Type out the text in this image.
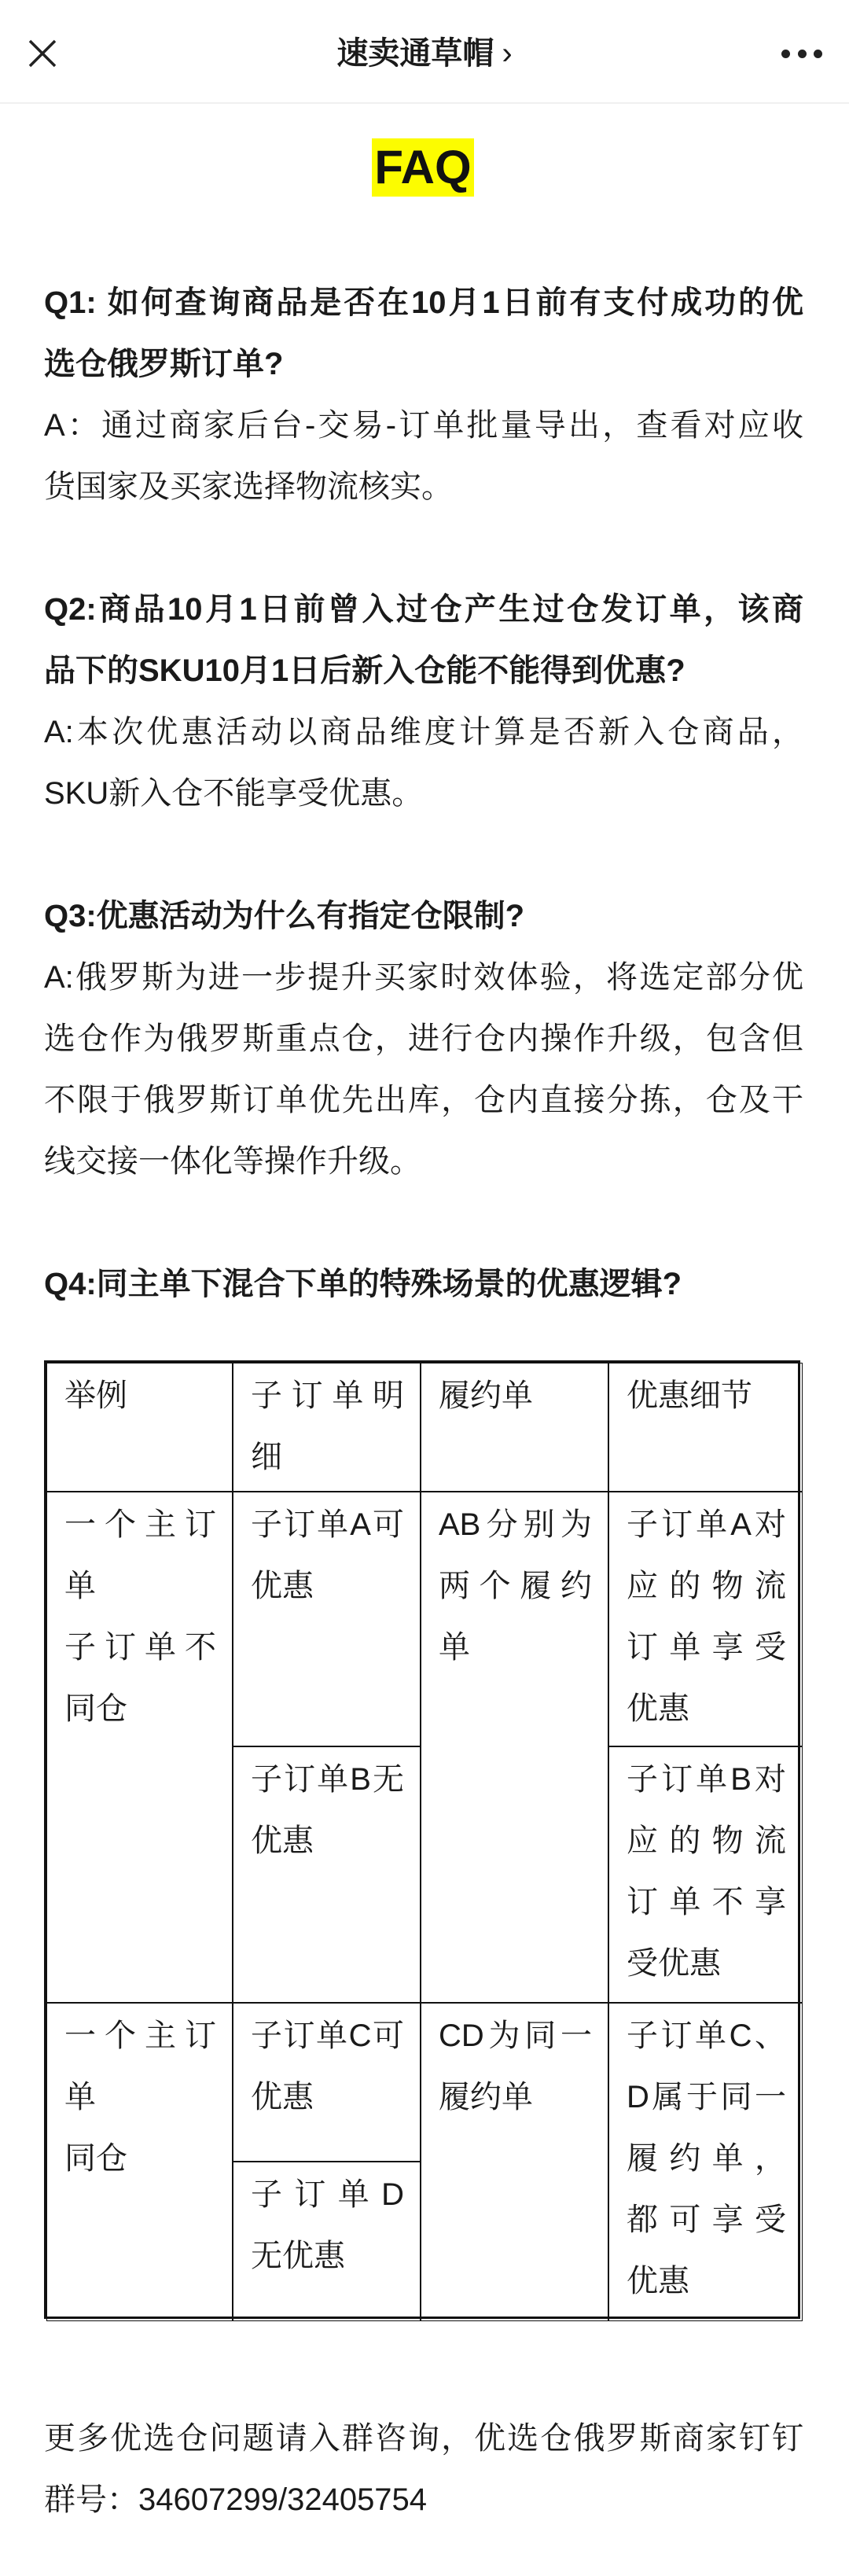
速卖通草帽 ›
FAQ
Q1: 如何查询商品是否在10月1日前有支付成功的优
选仓俄罗斯订单?
A：通过商家后台-交易-订单批量导出，查看对应收
货国家及买家选择物流核实。
Q2:商品10月1日前曾入过仓产生过仓发订单，该商
品下的SKU10月1日后新入仓能不能得到优惠?
A:本次优惠活动以商品维度计算是否新入仓商品，
SKU新入仓不能享受优惠。
Q3:优惠活动为什么有指定仓限制?
A:俄罗斯为进一步提升买家时效体验，将选定部分优
选仓作为俄罗斯重点仓，进行仓内操作升级，包含但
不限于俄罗斯订单优先出库，仓内直接分拣，仓及干
线交接一体化等操作升级。
Q4:同主单下混合下单的特殊场景的优惠逻辑?
举例	子订单明
细
履约单	优惠细节
一个主订
单
子订单不
同仓
子订单A可
优惠
子订单B无
优惠
AB分别为
两个履约
单
子订单A对
应的物流
订单享受
优惠
子订单B对
应的物流
订单不享
受优惠
一个主订
单
同仓
子订单C可
优惠
子订单D
无优惠
CD为同一
履约单
子订单C、
D属于同一
履约单，
都可享受
优惠
更多优选仓问题请入群咨询，优选仓俄罗斯商家钉钉
群号：34607299/32405754
